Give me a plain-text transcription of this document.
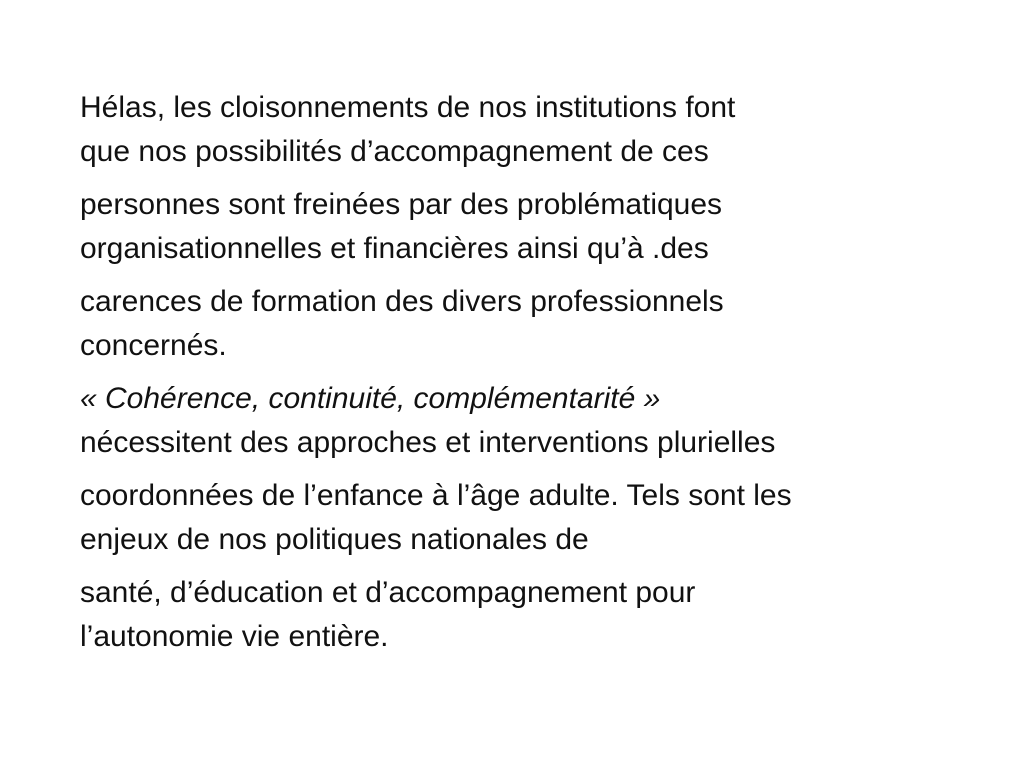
Hélas, les cloisonnements de nos institutions font
que nos possibilités d’accompagnement de ces
personnes sont freinées par des problématiques
organisationnelles et financières ainsi qu’à .des
carences de formation des divers professionnels
concernés.
« Cohérence, continuité, complémentarité »
nécessitent des approches et interventions plurielles
coordonnées de l’enfance à l’âge adulte. Tels sont les
enjeux de nos politiques nationales de
santé, d’éducation et d’accompagnement pour
l’autonomie vie entière.
